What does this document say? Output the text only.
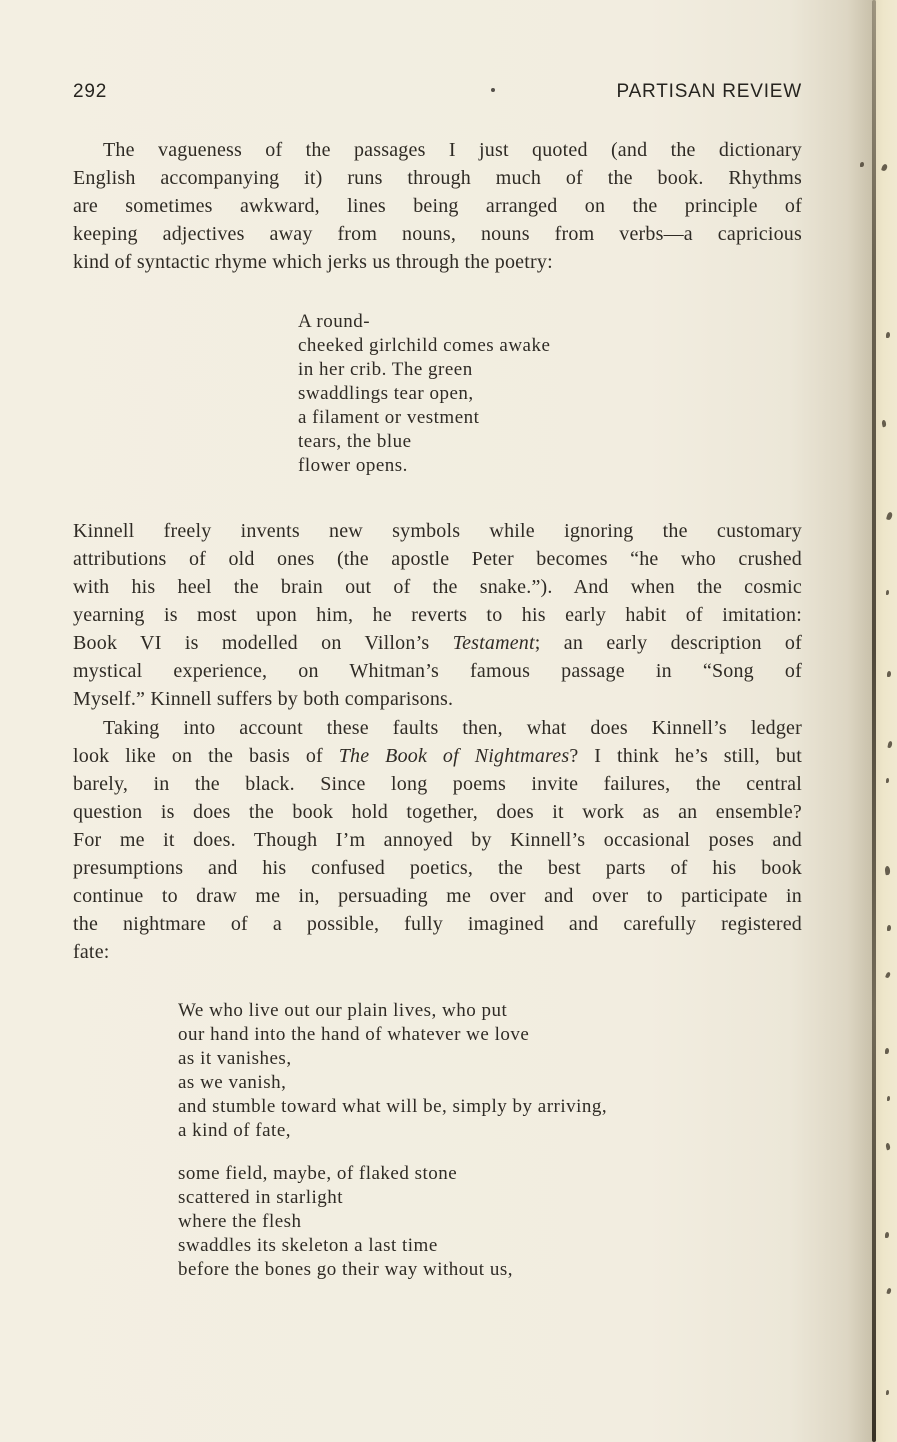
292	PARTISAN REVIEW
The vagueness of the passages I just quoted (and the dictionary
English accompanying it) runs through much of the book. Rhythms
are sometimes awkward, lines being arranged on the principle of
keeping adjectives away from nouns, nouns from verbs—a capricious
kind of syntactic rhyme which jerks us through the poetry:
A round-
cheeked girlchild comes awake
in her crib. The green
swaddlings tear open,
a filament or vestment
tears, the blue
flower opens.
Kinnell freely invents new symbols while ignoring the customary
attributions of old ones (the apostle Peter becomes “he who crushed
with his heel the brain out of the snake.”). And when the cosmic
yearning is most upon him, he reverts to his early habit of imitation:
Book VI is modelled on Villon’s Testament; an early description of
mystical experience, on Whitman’s famous passage in “Song of
Myself.” Kinnell suffers by both comparisons.
Taking into account these faults then, what does Kinnell’s ledger
look like on the basis of The Book of Nightmares? I think he’s still, but
barely, in the black. Since long poems invite failures, the central
question is does the book hold together, does it work as an ensemble?
For me it does. Though I’m annoyed by Kinnell’s occasional poses and
presumptions and his confused poetics, the best parts of his book
continue to draw me in, persuading me over and over to participate in
the nightmare of a possible, fully imagined and carefully registered
fate:
We who live out our plain lives, who put
our hand into the hand of whatever we love
as it vanishes,
as we vanish,
and stumble toward what will be, simply by arriving,
a kind of fate,
some field, maybe, of flaked stone
scattered in starlight
where the flesh
swaddles its skeleton a last time
before the bones go their way without us,
